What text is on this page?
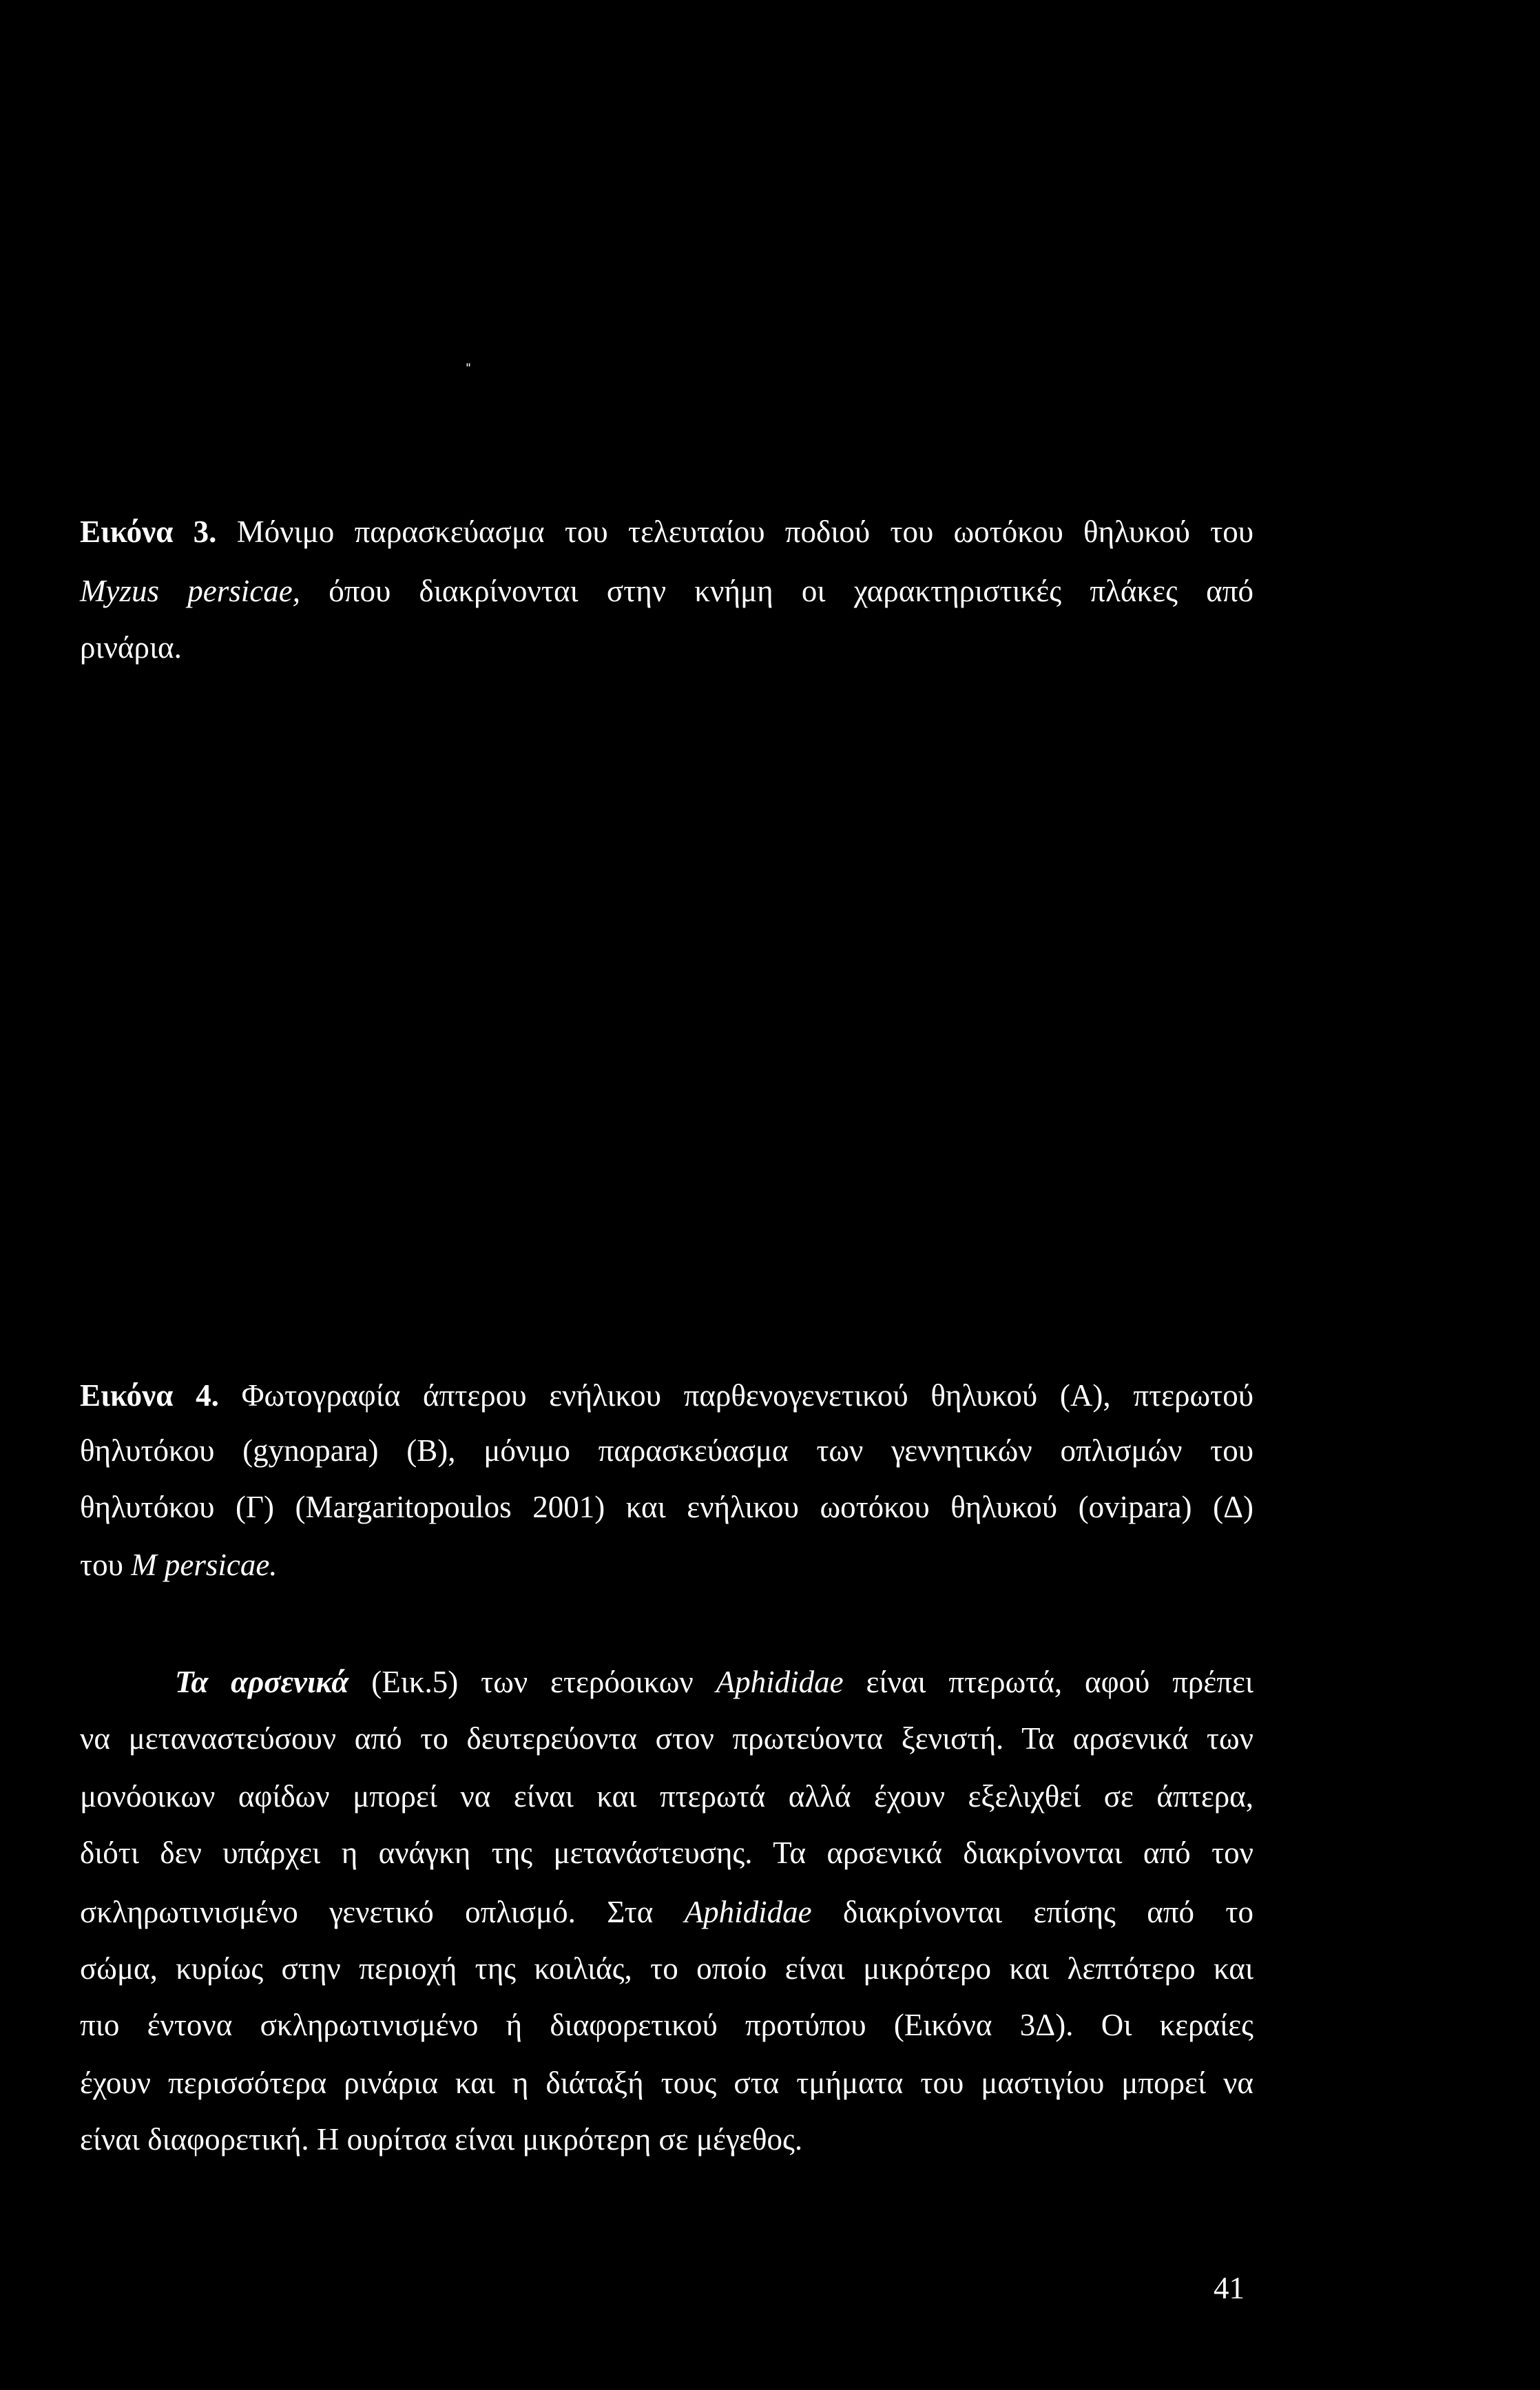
Εικόνα 3. Μόνιμο παρασκεύασμα του τελευταίου ποδιού του ωοτόκου θηλυκού του
Myzus persicae, όπου διακρίνονται στην κνήμη οι χαρακτηριστικές πλάκες από
ρινάρια.
Εικόνα 4. Φωτογραφία άπτερου ενήλικου παρθενογενετικού θηλυκού (Α), πτερωτού
θηλυτόκου (gynopara) (Β), μόνιμο παρασκεύασμα των γεννητικών οπλισμών του
θηλυτόκου (Γ) (Margaritopoulos 2001) και ενήλικου ωοτόκου θηλυκού (ovipara) (Δ)
του M persicae.
Τα αρσενικά (Εικ.5) των ετερόοικων Aphididae είναι πτερωτά, αφού πρέπει
να μεταναστεύσουν από το δευτερεύοντα στον πρωτεύοντα ξενιστή. Τα αρσενικά των
μονόοικων αφίδων μπορεί να είναι και πτερωτά αλλά έχουν εξελιχθεί σε άπτερα,
διότι δεν υπάρχει η ανάγκη της μετανάστευσης. Τα αρσενικά διακρίνονται από τον
σκληρωτινισμένο γενετικό οπλισμό. Στα Aphididae διακρίνονται επίσης από το
σώμα, κυρίως στην περιοχή της κοιλιάς, το οποίο είναι μικρότερο και λεπτότερο και
πιο έντονα σκληρωτινισμένο ή διαφορετικού προτύπου (Εικόνα 3Δ). Οι κεραίες
έχουν περισσότερα ρινάρια και η διάταξή τους στα τμήματα του μαστιγίου μπορεί να
είναι διαφορετική. Η ουρίτσα είναι μικρότερη σε μέγεθος.
41
